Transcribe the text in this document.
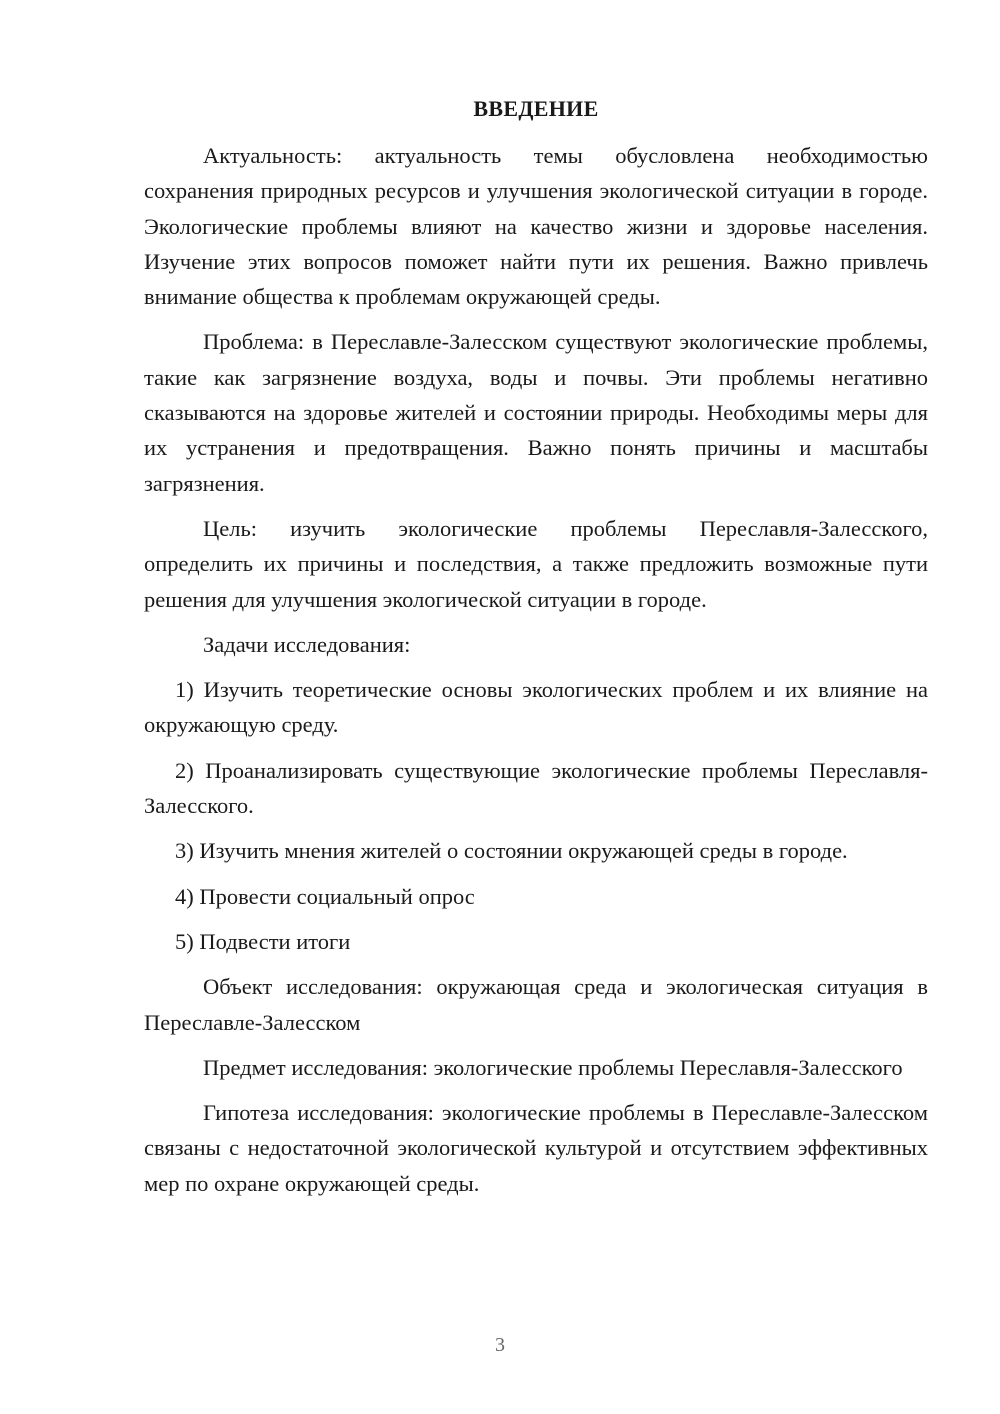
ВВЕДЕНИЕ

Актуальность: актуальность темы обусловлена необходимостью сохранения природных ресурсов и улучшения экологической ситуации в городе. Экологические проблемы влияют на качество жизни и здоровье населения. Изучение этих вопросов поможет найти пути их решения. Важно привлечь внимание общества к проблемам окружающей среды.

Проблема: в Переславле-Залесском существуют экологические проблемы, такие как загрязнение воздуха, воды и почвы. Эти проблемы негативно сказываются на здоровье жителей и состоянии природы. Необходимы меры для их устранения и предотвращения. Важно понять причины и масштабы загрязнения.

Цель: изучить экологические проблемы Переславля-Залесского, определить их причины и последствия, а также предложить возможные пути решения для улучшения экологической ситуации в городе.

Задачи исследования:

1) Изучить теоретические основы экологических проблем и их влияние на окружающую среду.

2) Проанализировать существующие экологические проблемы Переславля-Залесского.

3) Изучить мнения жителей о состоянии окружающей среды в городе.

4) Провести социальный опрос

5) Подвести итоги

Объект исследования: окружающая среда и экологическая ситуация в Переславле-Залесском

Предмет исследования: экологические проблемы Переславля-Залесского

Гипотеза исследования: экологические проблемы в Переславле-Залесском связаны с недостаточной экологической культурой и отсутствием эффективных мер по охране окружающей среды.

3
